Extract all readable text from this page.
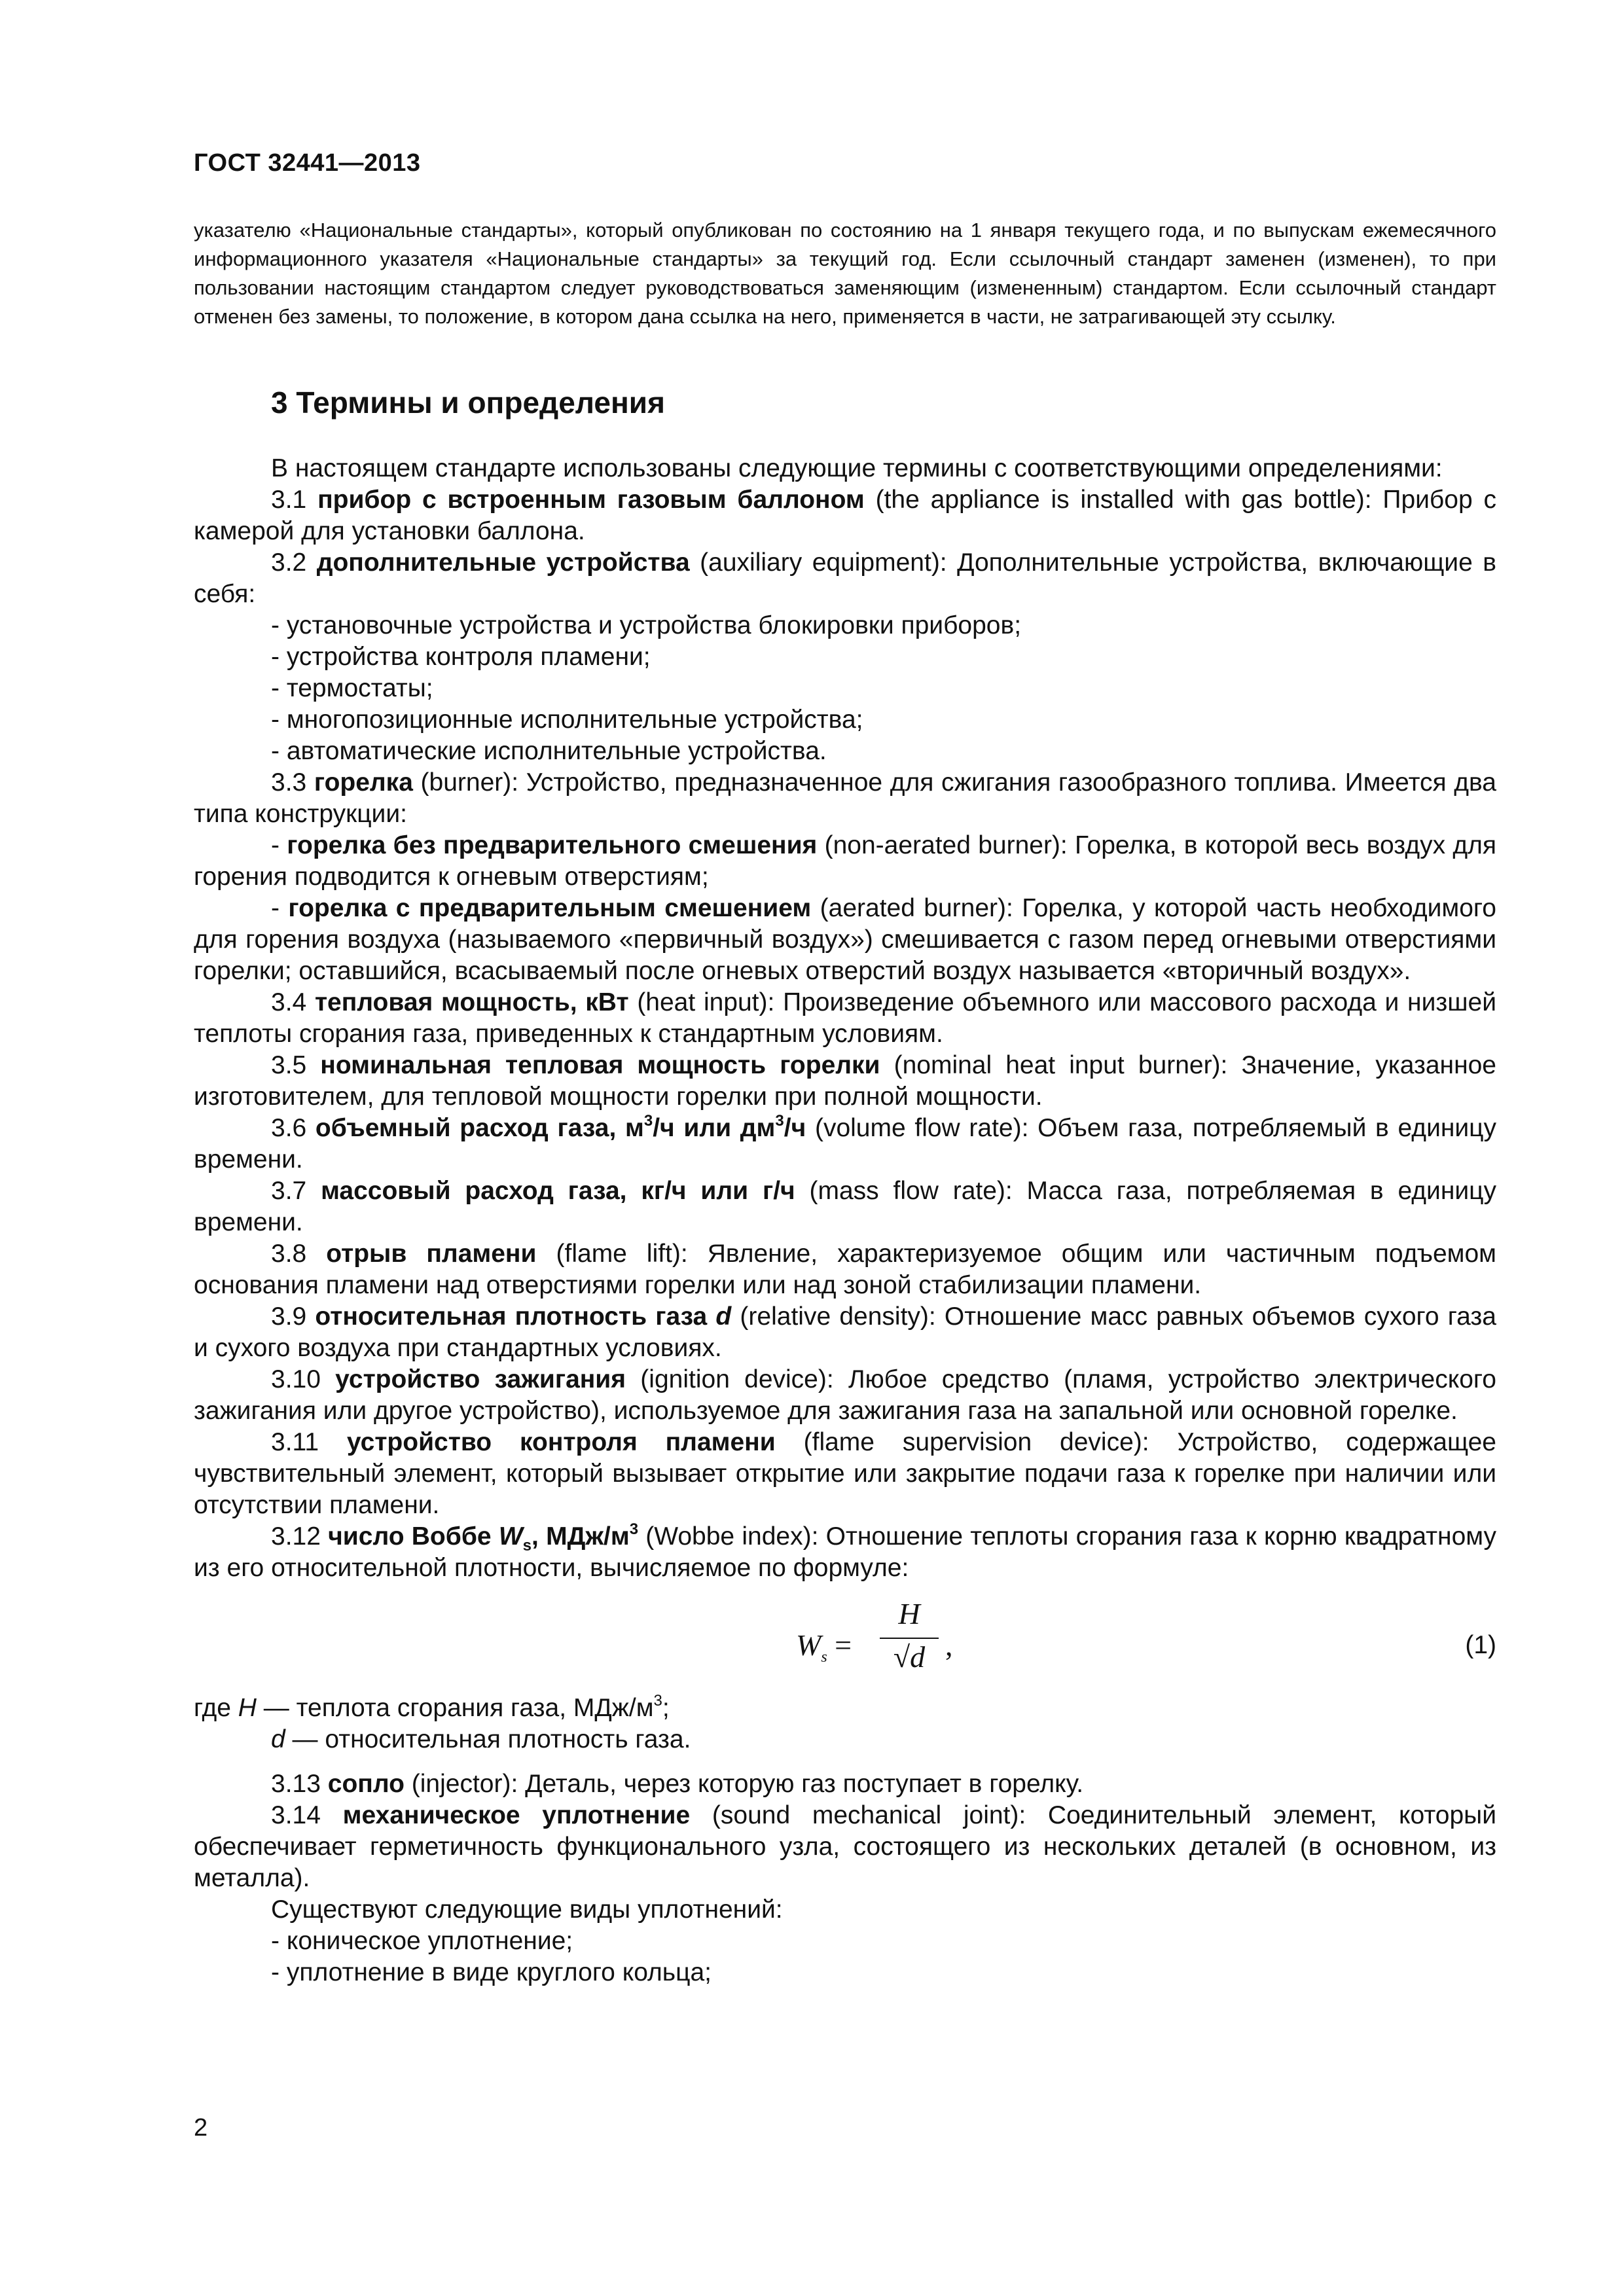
ГОСТ 32441—2013
указателю «Национальные стандарты», который опубликован по состоянию на 1 января текущего года, и по выпускам ежемесячного информационного указателя «Национальные стандарты» за текущий год. Если ссылочный стандарт заменен (изменен), то при пользовании настоящим стандартом следует руководствоваться заменяющим (измененным) стандартом. Если ссылочный стандарт отменен без замены, то положение, в котором дана ссылка на него, применяется в части, не затрагивающей эту ссылку.
3 Термины и определения

В настоящем стандарте использованы следующие термины с соответствующими определениями:

3.1 прибор с встроенным газовым баллоном (the appliance is installed with gas bottle): Прибор с камерой для установки баллона.

3.2 дополнительные устройства (auxiliary equipment): Дополнительные устройства, включающие в себя:

- установочные устройства и устройства блокировки приборов;

- устройства контроля пламени;

- термостаты;

- многопозиционные исполнительные устройства;

- автоматические исполнительные устройства.

3.3 горелка (burner): Устройство, предназначенное для сжигания газообразного топлива. Имеется два типа конструкции:

- горелка без предварительного смешения (non-aerated burner): Горелка, в которой весь воздух для горения подводится к огневым отверстиям;

- горелка с предварительным смешением (aerated burner): Горелка, у которой часть необходимого для горения воздуха (называемого «первичный воздух») смешивается с газом перед огневыми отверстиями горелки; оставшийся, всасываемый после огневых отверстий воздух называется «вторичный воздух».

3.4 тепловая мощность, кВт (heat input): Произведение объемного или массового расхода и низшей теплоты сгорания газа, приведенных к стандартным условиям.

3.5 номинальная тепловая мощность горелки (nominal heat input burner): Значение, указанное изготовителем, для тепловой мощности горелки при полной мощности.

3.6 объемный расход газа, $м^3/ч$ или $дм^3/ч$ (volume flow rate): Объем газа, потребляемый в единицу времени.

3.7 массовый расход газа, кг/ч или г/ч (mass flow rate): Масса газа, потребляемая в единицу времени.

3.8 отрыв пламени (flame lift): Явление, характеризуемое общим или частичным подъемом основания пламени над отверстиями горелки или над зоной стабилизации пламени.

3.9 относительная плотность газа d (relative density): Отношение масс равных объемов сухого газа и сухого воздуха при стандартных условиях.

3.10 устройство зажигания (ignition device): Любое средство (пламя, устройство электрического зажигания или другое устройство), используемое для зажигания газа на запальной или основной горелке.

3.11 устройство контроля пламени (flame supervision device): Устройство, содержащее чувствительный элемент, который вызывает открытие или закрытие подачи газа к горелке при наличии или отсутствии пламени.

3.12 число Воббе $W_s$, МДж/$м^3$ (Wobbe index): Отношение теплоты сгорания газа к корню квадратному из его относительной плотности, вычисляемое по формуле:

$W_s$ =
H
√d ,	(1)

где H — теплота сгорания газа, МДж/$м^3$;

d — относительная плотность газа.

3.13 сопло (injector): Деталь, через которую газ поступает в горелку.

3.14 механическое уплотнение (sound mechanical joint): Соединительный элемент, который обеспечивает герметичность функционального узла, состоящего из нескольких деталей (в основном, из металла).

Существуют следующие виды уплотнений:

- коническое уплотнение;

- уплотнение в виде круглого кольца;

2
